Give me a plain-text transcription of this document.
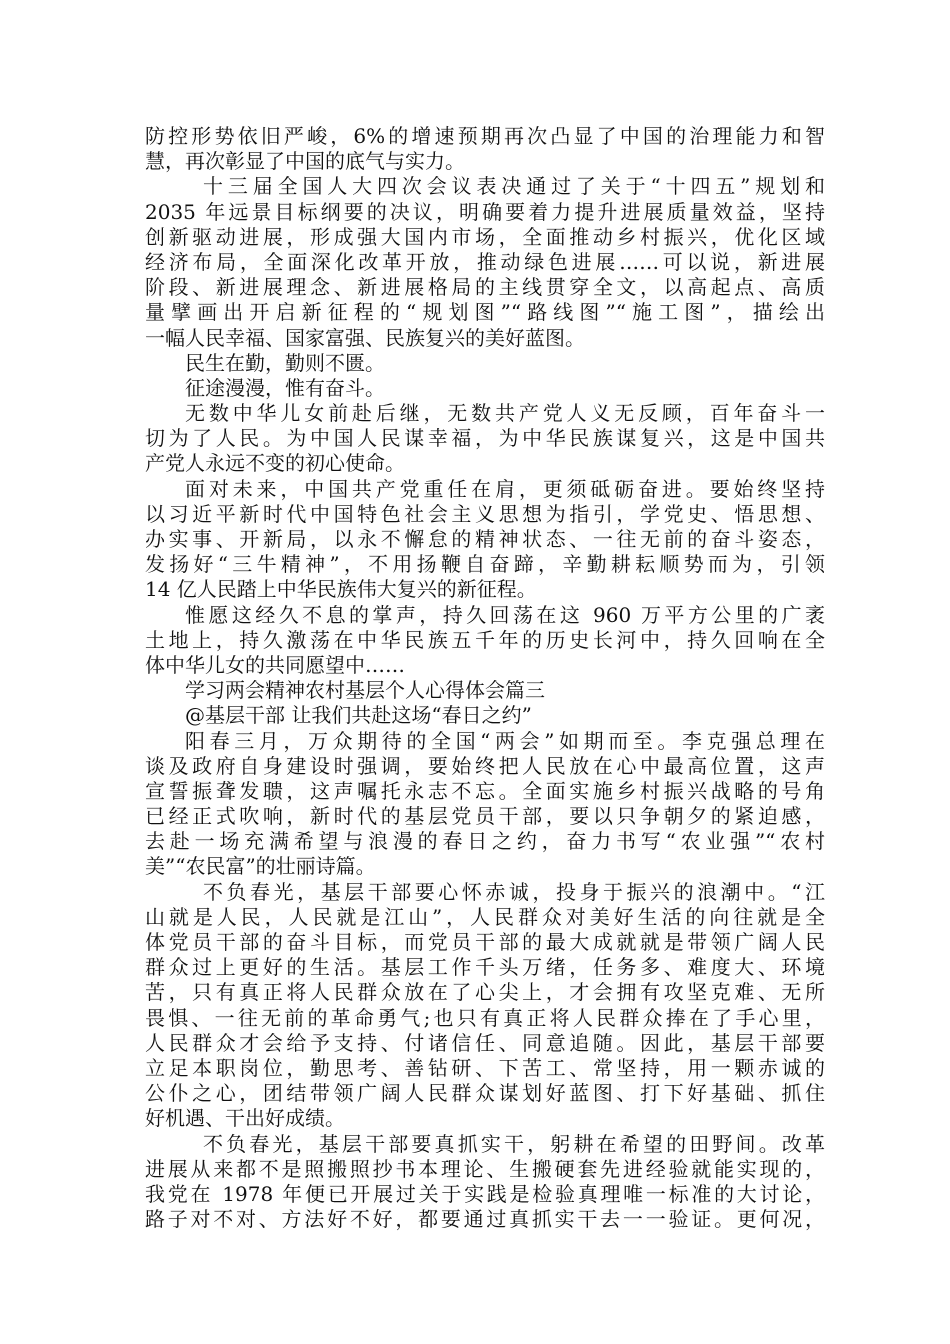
防控形势依旧严峻，6%的增速预期再次凸显了中国的治理能力和智
慧，再次彰显了中国的底气与实力。
十三届全国人大四次会议表决通过了关于“十四五”规划和
2035 年远景目标纲要的决议，明确要着力提升进展质量效益，坚持
创新驱动进展，形成强大国内市场，全面推动乡村振兴，优化区域
经济布局，全面深化改革开放，推动绿色进展……可以说，新进展
阶段、新进展理念、新进展格局的主线贯穿全文，以高起点、高质
量擘画出开启新征程的“规划图”“路线图”“施工图”，描绘出
一幅人民幸福、国家富强、民族复兴的美好蓝图。
民生在勤，勤则不匮。
征途漫漫，惟有奋斗。
无数中华儿女前赴后继，无数共产党人义无反顾，百年奋斗一
切为了人民。为中国人民谋幸福，为中华民族谋复兴，这是中国共
产党人永远不变的初心使命。
面对未来，中国共产党重任在肩，更须砥砺奋进。要始终坚持
以习近平新时代中国特色社会主义思想为指引，学党史、悟思想、
办实事、开新局，以永不懈怠的精神状态、一往无前的奋斗姿态，
发扬好“三牛精神”，不用扬鞭自奋蹄，辛勤耕耘顺势而为，引领
14 亿人民踏上中华民族伟大复兴的新征程。
惟愿这经久不息的掌声，持久回荡在这 960 万平方公里的广袤
土地上，持久激荡在中华民族五千年的历史长河中，持久回响在全
体中华儿女的共同愿望中……
学习两会精神农村基层个人心得体会篇三
@基层干部 让我们共赴这场“春日之约”
阳春三月，万众期待的全国“两会”如期而至。李克强总理在
谈及政府自身建设时强调，要始终把人民放在心中最高位置，这声
宣誓振聋发聩，这声嘱托永志不忘。全面实施乡村振兴战略的号角
已经正式吹响，新时代的基层党员干部，要以只争朝夕的紧迫感，
去赴一场充满希望与浪漫的春日之约，奋力书写“农业强”“农村
美”“农民富”的壮丽诗篇。
不负春光，基层干部要心怀赤诚，投身于振兴的浪潮中。“江
山就是人民，人民就是江山”，人民群众对美好生活的向往就是全
体党员干部的奋斗目标，而党员干部的最大成就就是带领广阔人民
群众过上更好的生活。基层工作千头万绪，任务多、难度大、环境
苦，只有真正将人民群众放在了心尖上，才会拥有攻坚克难、无所
畏惧、一往无前的革命勇气;也只有真正将人民群众捧在了手心里，
人民群众才会给予支持、付诸信任、同意追随。因此，基层干部要
立足本职岗位，勤思考、善钻研、下苦工、常坚持，用一颗赤诚的
公仆之心，团结带领广阔人民群众谋划好蓝图、打下好基础、抓住
好机遇、干出好成绩。
不负春光，基层干部要真抓实干，躬耕在希望的田野间。改革
进展从来都不是照搬照抄书本理论、生搬硬套先进经验就能实现的，
我党在 1978 年便已开展过关于实践是检验真理唯一标准的大讨论，
路子对不对、方法好不好，都要通过真抓实干去一一验证。更何况，
